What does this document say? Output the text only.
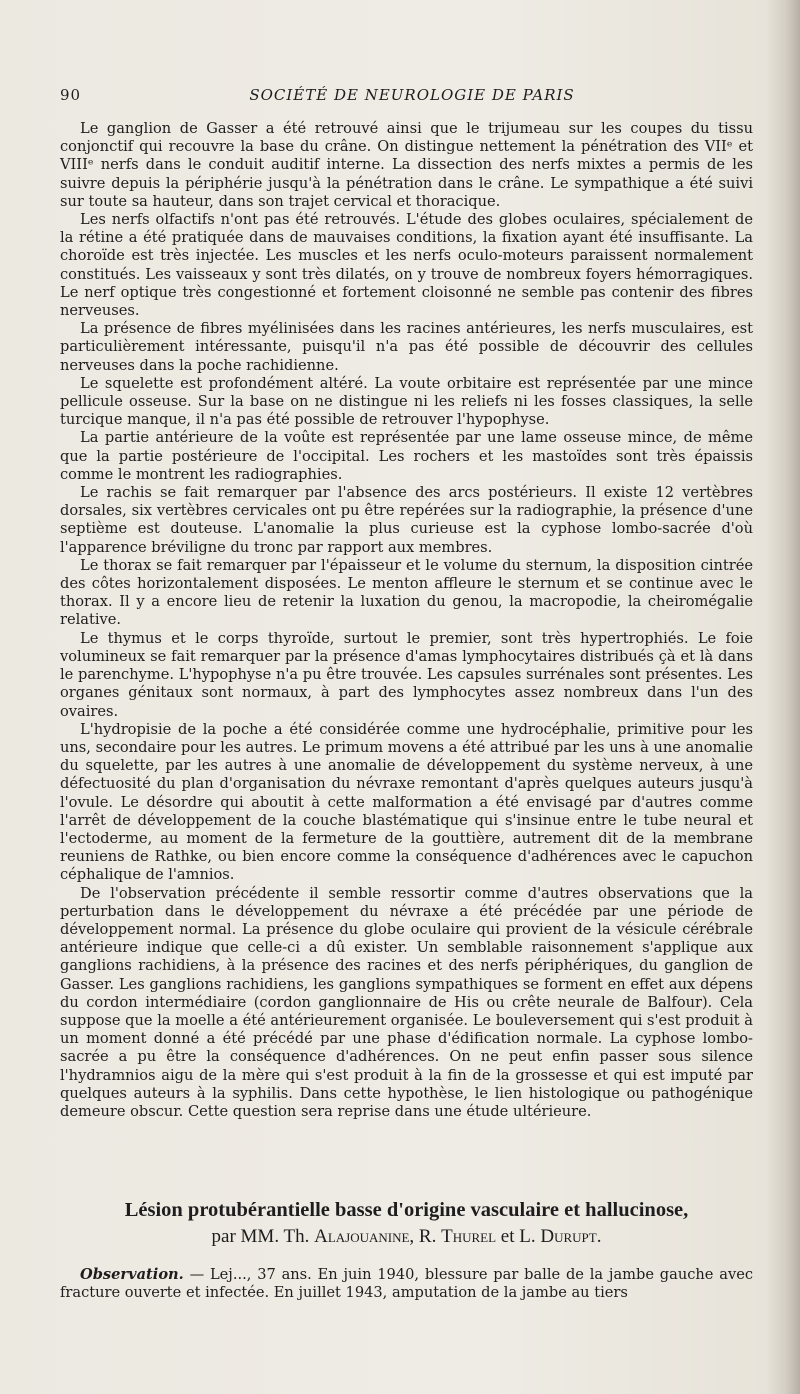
90	SOCIÉTÉ DE NEUROLOGIE DE PARIS

Le ganglion de Gasser a été retrouvé ainsi que le trijumeau sur les coupes du tissu conjonctif qui recouvre la base du crâne. On distingue nettement la pénétration des VIIᵉ et VIIIᵉ nerfs dans le conduit auditif interne. La dissection des nerfs mixtes a permis de les suivre depuis la périphérie jusqu'à la pénétration dans le crâne. Le sympathique a été suivi sur toute sa hauteur, dans son trajet cervical et thoracique.

Les nerfs olfactifs n'ont pas été retrouvés. L'étude des globes oculaires, spécialement de la rétine a été pratiquée dans de mauvaises conditions, la fixation ayant été insuffisante. La choroïde est très injectée. Les muscles et les nerfs oculo-moteurs paraissent normalement constitués. Les vaisseaux y sont très dilatés, on y trouve de nombreux foyers hémorragiques. Le nerf optique très congestionné et fortement cloisonné ne semble pas contenir des fibres nerveuses.

La présence de fibres myélinisées dans les racines antérieures, les nerfs musculaires, est particulièrement intéressante, puisqu'il n'a pas été possible de découvrir des cellules nerveuses dans la poche rachidienne.

Le squelette est profondément altéré. La voute orbitaire est représentée par une mince pellicule osseuse. Sur la base on ne distingue ni les reliefs ni les fosses classiques, la selle turcique manque, il n'a pas été possible de retrouver l'hypophyse.

La partie antérieure de la voûte est représentée par une lame osseuse mince, de même que la partie postérieure de l'occipital. Les rochers et les mastoïdes sont très épaissis comme le montrent les radiographies.

Le rachis se fait remarquer par l'absence des arcs postérieurs. Il existe 12 vertèbres dorsales, six vertèbres cervicales ont pu être repérées sur la radiographie, la présence d'une septième est douteuse. L'anomalie la plus curieuse est la cyphose lombo-sacrée d'où l'apparence bréviligne du tronc par rapport aux membres.

Le thorax se fait remarquer par l'épaisseur et le volume du sternum, la disposition cintrée des côtes horizontalement disposées. Le menton affleure le sternum et se continue avec le thorax. Il y a encore lieu de retenir la luxation du genou, la macropodie, la cheiromégalie relative.

Le thymus et le corps thyroïde, surtout le premier, sont très hypertrophiés. Le foie volumineux se fait remarquer par la présence d'amas lymphocytaires distribués çà et là dans le parenchyme. L'hypophyse n'a pu être trouvée. Les capsules surrénales sont présentes. Les organes génitaux sont normaux, à part des lymphocytes assez nombreux dans l'un des ovaires.

L'hydropisie de la poche a été considérée comme une hydrocéphalie, primitive pour les uns, secondaire pour les autres. Le primum movens a été attribué par les uns à une anomalie du squelette, par les autres à une anomalie de développement du système nerveux, à une défectuosité du plan d'organisation du névraxe remontant d'après quelques auteurs jusqu'à l'ovule. Le désordre qui aboutit à cette malformation a été envisagé par d'autres comme l'arrêt de développement de la couche blastématique qui s'insinue entre le tube neural et l'ectoderme, au moment de la fermeture de la gouttière, autrement dit de la membrane reuniens de Rathke, ou bien encore comme la conséquence d'adhérences avec le capuchon céphalique de l'amnios.

De l'observation précédente il semble ressortir comme d'autres observations que la perturbation dans le développement du névraxe a été précédée par une période de développement normal. La présence du globe oculaire qui provient de la vésicule cérébrale antérieure indique que celle-ci a dû exister. Un semblable raisonnement s'applique aux ganglions rachidiens, à la présence des racines et des nerfs périphériques, du ganglion de Gasser. Les ganglions rachidiens, les ganglions sympathiques se forment en effet aux dépens du cordon intermédiaire (cordon ganglionnaire de His ou crête neurale de Balfour). Cela suppose que la moelle a été antérieurement organisée. Le bouleversement qui s'est produit à un moment donné a été précédé par une phase d'édification normale. La cyphose lombo-sacrée a pu être la conséquence d'adhérences. On ne peut enfin passer sous silence l'hydramnios aigu de la mère qui s'est produit à la fin de la grossesse et qui est imputé par quelques auteurs à la syphilis. Dans cette hypothèse, le lien histologique ou pathogénique demeure obscur. Cette question sera reprise dans une étude ultérieure.

Lésion protubérantielle basse d'origine vasculaire et hallucinose,
par MM. Th. Alajouanine, R. Thurel et L. Durupt.

Observation. — Lej..., 37 ans. En juin 1940, blessure par balle de la jambe gauche avec fracture ouverte et infectée. En juillet 1943, amputation de la jambe au tiers
